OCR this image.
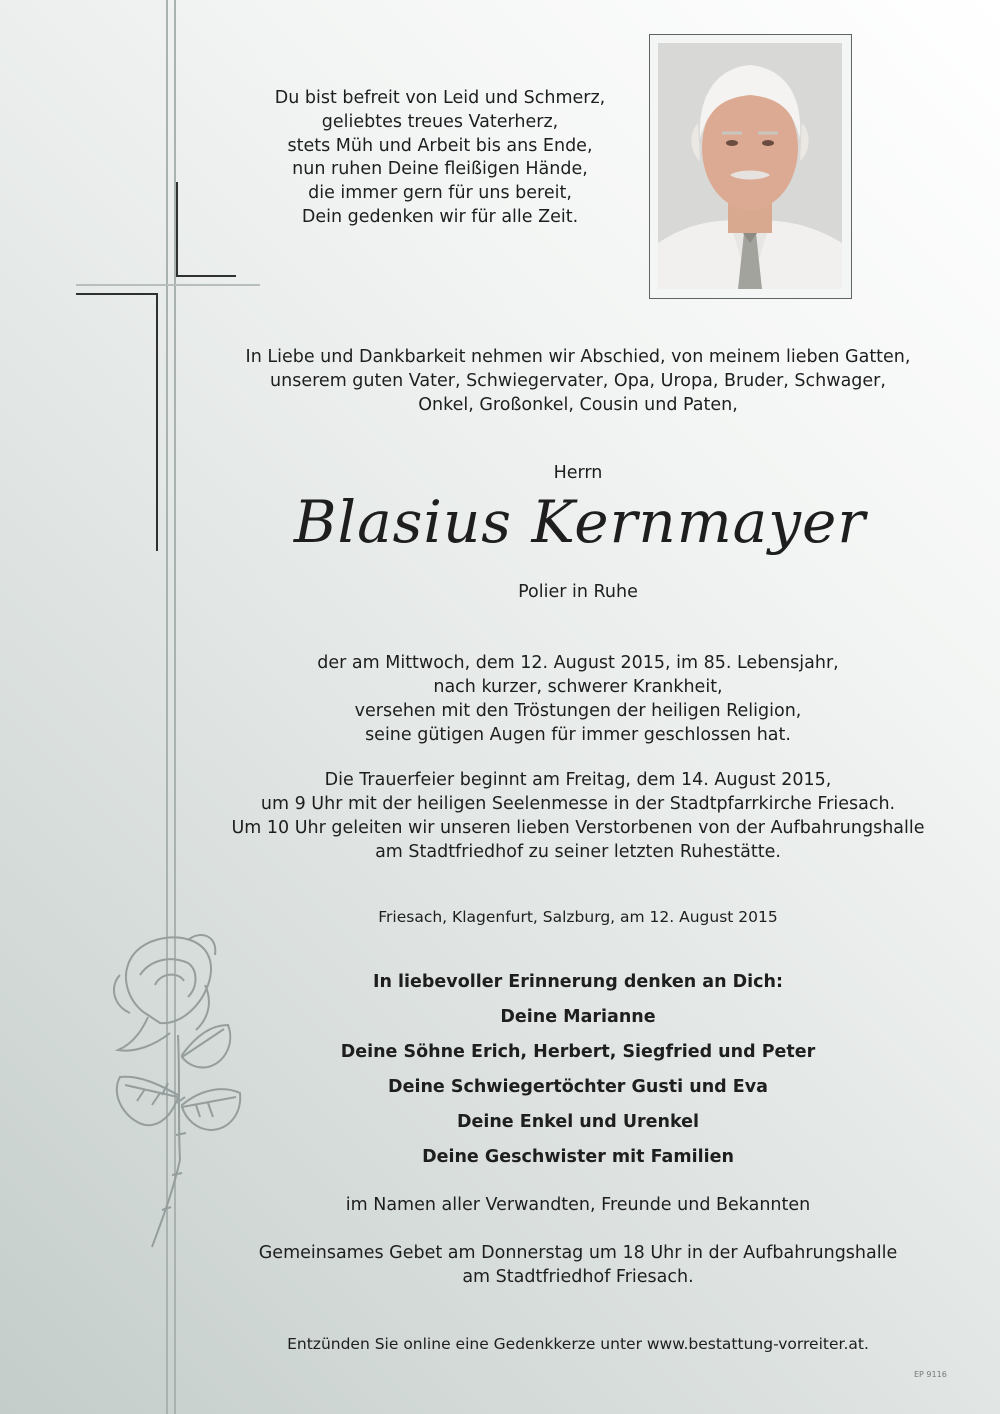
Du bist befreit von Leid und Schmerz,
geliebtes treues Vaterherz,
stets Müh und Arbeit bis ans Ende,
nun ruhen Deine fleißigen Hände,
die immer gern für uns bereit,
Dein gedenken wir für alle Zeit.
In Liebe und Dankbarkeit nehmen wir Abschied, von meinem lieben Gatten,
unserem guten Vater, Schwiegervater, Opa, Uropa, Bruder, Schwager,
Onkel, Großonkel, Cousin und Paten,
Herrn
Blasius Kernmayer
Polier in Ruhe
der am Mittwoch, dem 12. August 2015, im 85. Lebensjahr,
nach kurzer, schwerer Krankheit,
versehen mit den Tröstungen der heiligen Religion,
seine gütigen Augen für immer geschlossen hat.
Die Trauerfeier beginnt am Freitag, dem 14. August 2015,
um 9 Uhr mit der heiligen Seelenmesse in der Stadtpfarrkirche Friesach.
Um 10 Uhr geleiten wir unseren lieben Verstorbenen von der Aufbahrungshalle
am Stadtfriedhof zu seiner letzten Ruhestätte.
Friesach, Klagenfurt, Salzburg, am 12. August 2015
In liebevoller Erinnerung denken an Dich:
Deine Marianne
Deine Söhne Erich, Herbert, Siegfried und Peter
Deine Schwiegertöchter Gusti und Eva
Deine Enkel und Urenkel
Deine Geschwister mit Familien
im Namen aller Verwandten, Freunde und Bekannten
Gemeinsames Gebet am Donnerstag um 18 Uhr in der Aufbahrungshalle
am Stadtfriedhof Friesach.
Entzünden Sie online eine Gedenkkerze unter www.bestattung-vorreiter.at.
EP 9116
